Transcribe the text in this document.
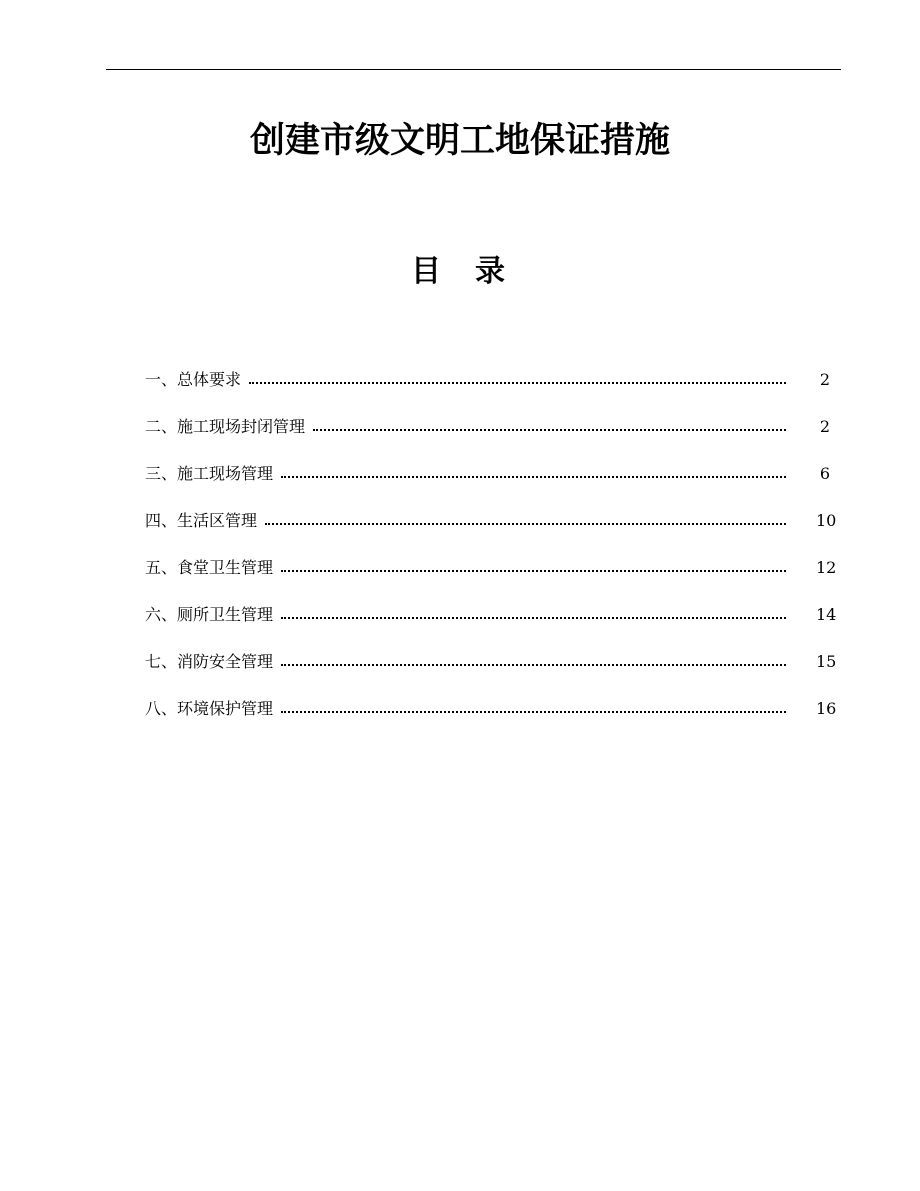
创建市级文明工地保证措施
目录
一、总体要求	2
二、施工现场封闭管理	2
三、施工现场管理	6
四、生活区管理	10
五、食堂卫生管理	12
六、厕所卫生管理	14
七、消防安全管理	15
八、环境保护管理	16
